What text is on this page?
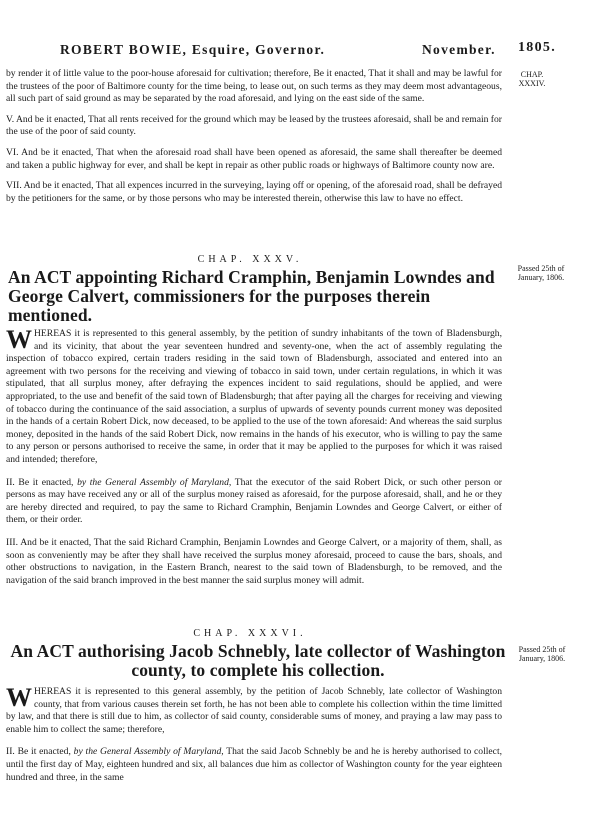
ROBERT BOWIE, Esquire, Governor.	November. 1805.
CHAP. XXXIV.
Passed 25th of January, 1806.
Passed 25th of January, 1806.

by render it of little value to the poor-house aforesaid for cultivation; therefore, Be it enacted, That it shall and may be lawful for the trustees of the poor of Baltimore county for the time being, to lease out, on such terms as they may deem most advantageous, all such part of said ground as may be separated by the road aforesaid, and lying on the east side of the same.

V. And be it enacted, That all rents received for the ground which may be leased by the trustees aforesaid, shall be and remain for the use of the poor of said county.

VI. And be it enacted, That when the aforesaid road shall have been opened as aforesaid, the same shall thereafter be deemed and taken a public highway for ever, and shall be kept in repair as other public roads or highways of Baltimore county now are.

VII. And be it enacted, That all expences incurred in the surveying, laying off or opening, of the aforesaid road, shall be defrayed by the petitioners for the same, or by those persons who may be interested therein, otherwise this law to have no effect.

CHAP. XXXV.
An ACT appointing Richard Cramphin, Benjamin Lowndes and George Calvert, commissioners for the purposes therein mentioned.

WHEREAS it is represented to this general assembly, by the petition of sundry inhabitants of the town of Bladensburgh, and its vicinity, that about the year seventeen hundred and seventy-one, when the act of assembly regulating the inspection of tobacco expired, certain traders residing in the said town of Bladensburgh, associated and entered into an agreement with two persons for the receiving and viewing of tobacco in said town, under certain regulations, in which it was stipulated, that all surplus money, after defraying the expences incident to said regulations, should be applied, and were appropriated, to the use and benefit of the said town of Bladensburgh; that after paying all the charges for receiving and viewing of tobacco during the continuance of the said association, a surplus of upwards of seventy pounds current money was deposited in the hands of a certain Robert Dick, now deceased, to be applied to the use of the town aforesaid: And whereas the said surplus money, deposited in the hands of the said Robert Dick, now remains in the hands of his executor, who is willing to pay the same to any person or persons authorised to receive the same, in order that it may be applied to the purposes for which it was raised and intended; therefore,

II. Be it enacted, by the General Assembly of Maryland, That the executor of the said Robert Dick, or such other person or persons as may have received any or all of the surplus money raised as aforesaid, for the purpose aforesaid, shall, and he or they are hereby directed and required, to pay the same to Richard Cramphin, Benjamin Lowndes and George Calvert, or either of them, or their order.

III. And be it enacted, That the said Richard Cramphin, Benjamin Lowndes and George Calvert, or a majority of them, shall, as soon as conveniently may be after they shall have received the surplus money aforesaid, proceed to cause the bars, shoals, and other obstructions to navigation, in the Eastern Branch, nearest to the said town of Bladensburgh, to be removed, and the navigation of the said branch improved in the best manner the said surplus money will admit.

CHAP. XXXVI.
An ACT authorising Jacob Schnebly, late collector of Washington county, to complete his collection.

WHEREAS it is represented to this general assembly, by the petition of Jacob Schnebly, late collector of Washington county, that from various causes therein set forth, he has not been able to complete his collection within the time limitted by law, and that there is still due to him, as collector of said county, considerable sums of money, and praying a law may pass to enable him to collect the same; therefore,

II. Be it enacted, by the General Assembly of Maryland, That the said Jacob Schnebly be and he is hereby authorised to collect, until the first day of May, eighteen hundred and six, all balances due him as collector of Washington county for the year eighteen hundred and three, in the same
